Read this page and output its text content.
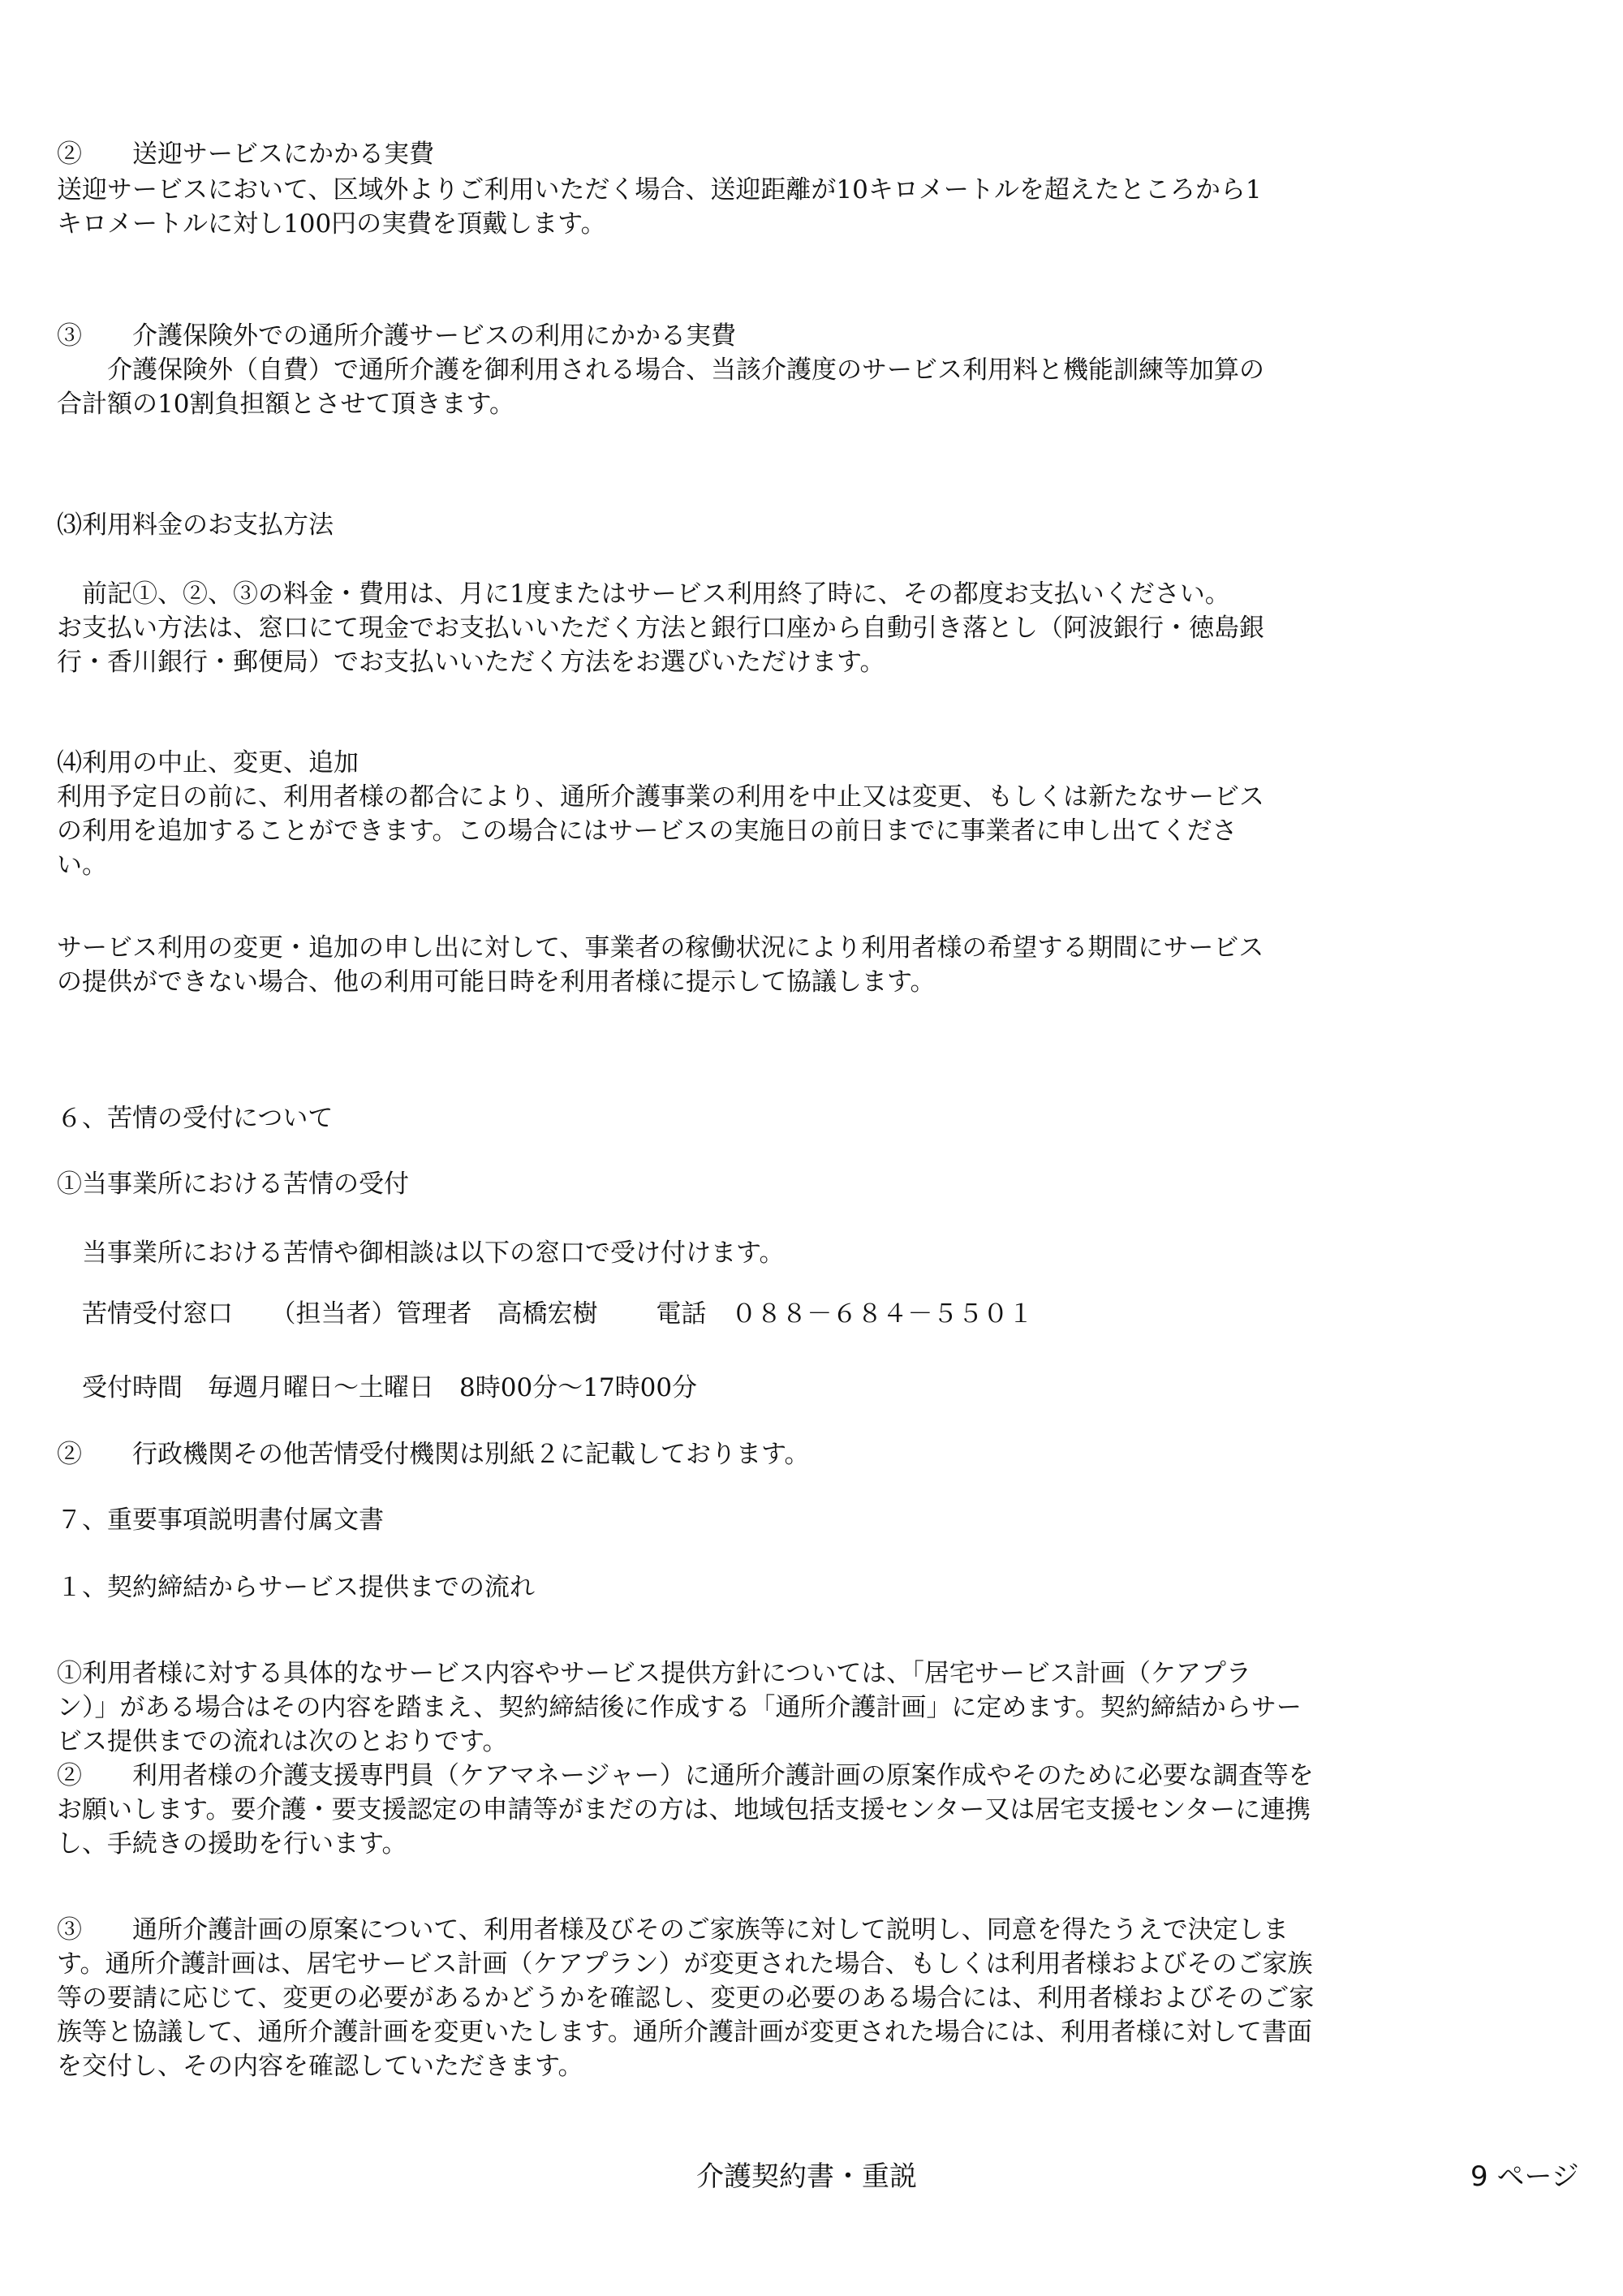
②　　送迎サービスにかかる実費
送迎サービスにおいて、区域外よりご利用いただく場合、送迎距離が10キロメートルを超えたところから1
キロメートルに対し100円の実費を頂戴します。
③　　介護保険外での通所介護サービスの利用にかかる実費
　　介護保険外（自費）で通所介護を御利用される場合、当該介護度のサービス利用料と機能訓練等加算の
合計額の10割負担額とさせて頂きます。
⑶利用料金のお支払方法
　前記①、②、③の料金・費用は、月に1度またはサービス利用終了時に、その都度お支払いください。
お支払い方法は、窓口にて現金でお支払いいただく方法と銀行口座から自動引き落とし（阿波銀行・徳島銀
行・香川銀行・郵便局）でお支払いいただく方法をお選びいただけます。
⑷利用の中止、変更、追加
利用予定日の前に、利用者様の都合により、通所介護事業の利用を中止又は変更、もしくは新たなサービス
の利用を追加することができます。この場合にはサービスの実施日の前日までに事業者に申し出てくださ
い。
サービス利用の変更・追加の申し出に対して、事業者の稼働状況により利用者様の希望する期間にサービス
の提供ができない場合、他の利用可能日時を利用者様に提示して協議します。
６、苦情の受付について
①当事業所における苦情の受付
　当事業所における苦情や御相談は以下の窓口で受け付けます。
　苦情受付窓口　　（担当者）管理者　高橋宏樹　　 電話　０８８－６８４－５５０１
　受付時間　毎週月曜日～土曜日　8時00分～17時00分
②　　行政機関その他苦情受付機関は別紙２に記載しております。
７、重要事項説明書付属文書
１、契約締結からサービス提供までの流れ
①利用者様に対する具体的なサービス内容やサービス提供方針については、「居宅サービス計画（ケアプラ
ン）」がある場合はその内容を踏まえ、契約締結後に作成する「通所介護計画」に定めます。契約締結からサー
ビス提供までの流れは次のとおりです。
②　　利用者様の介護支援専門員（ケアマネージャー）に通所介護計画の原案作成やそのために必要な調査等を
お願いします。要介護・要支援認定の申請等がまだの方は、地域包括支援センター又は居宅支援センターに連携
し、手続きの援助を行います。
③　　通所介護計画の原案について、利用者様及びそのご家族等に対して説明し、同意を得たうえで決定しま
す。通所介護計画は、居宅サービス計画（ケアプラン）が変更された場合、もしくは利用者様およびそのご家族
等の要請に応じて、変更の必要があるかどうかを確認し、変更の必要のある場合には、利用者様およびそのご家
族等と協議して、通所介護計画を変更いたします。通所介護計画が変更された場合には、利用者様に対して書面
を交付し、その内容を確認していただきます。
介護契約書・重説	9 ページ
